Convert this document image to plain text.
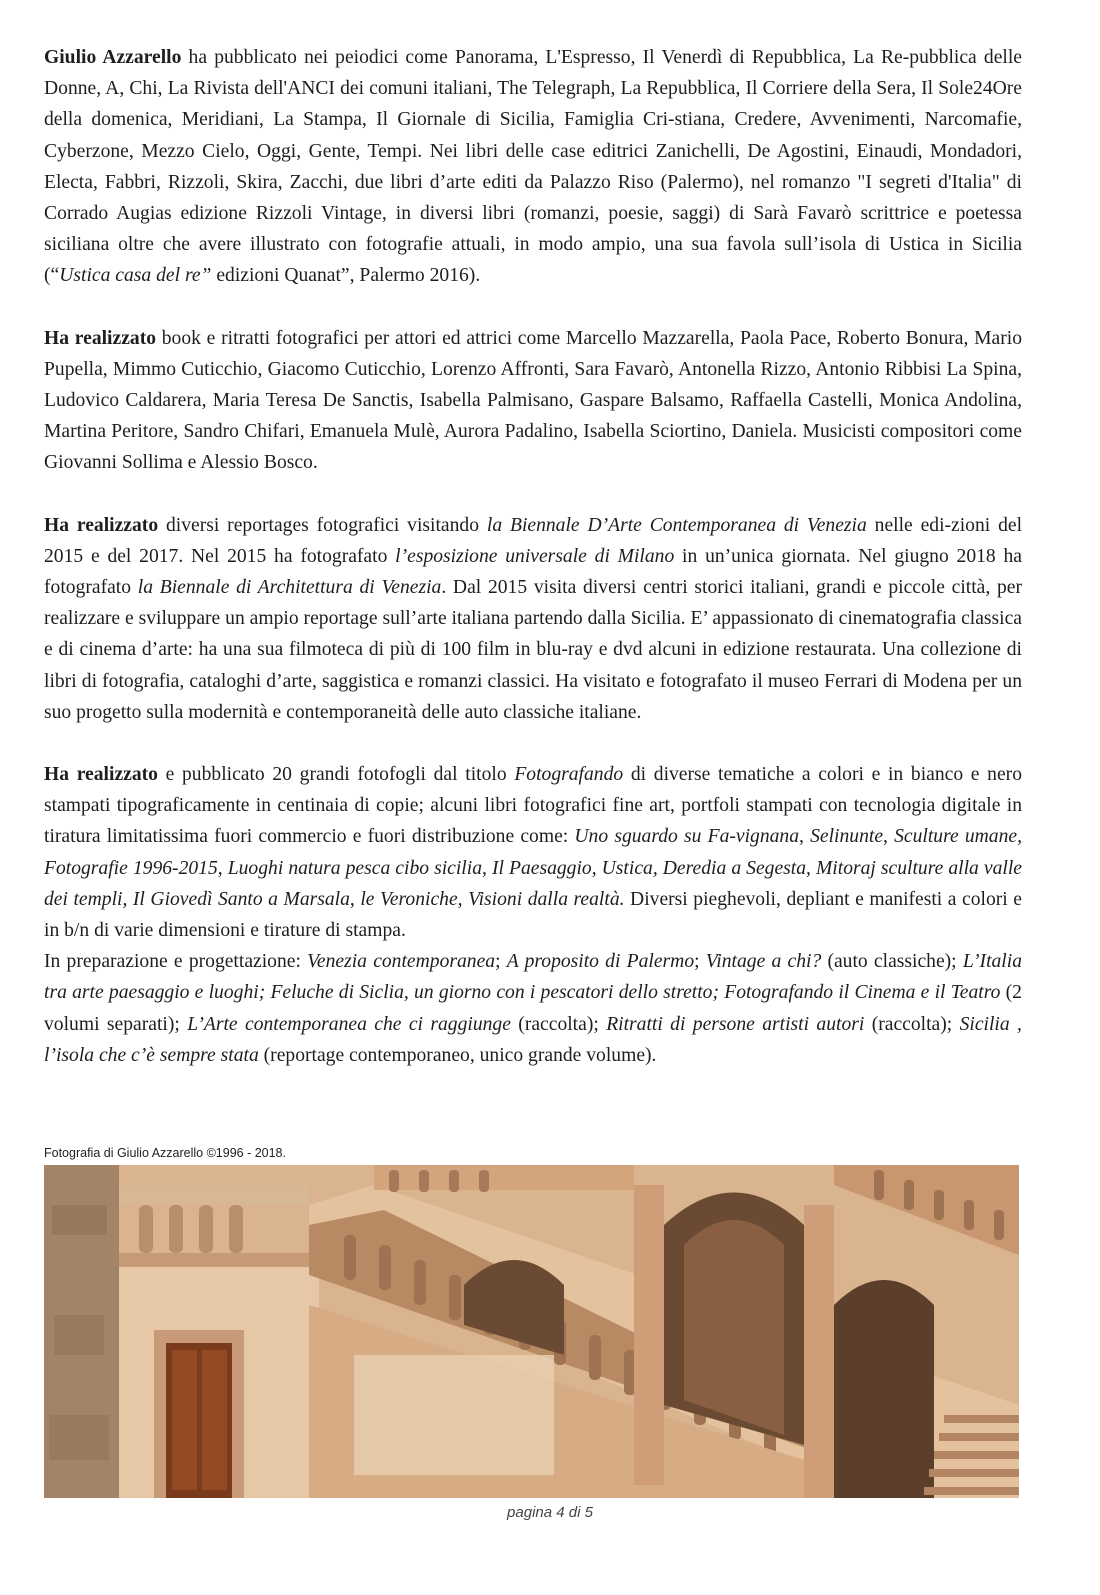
Giulio Azzarello ha pubblicato nei peiodici come Panorama, L'Espresso, Il Venerdì di Repubblica, La Re-pubblica delle Donne, A, Chi, La Rivista dell'ANCI dei comuni italiani, The Telegraph, La Repubblica, Il Corriere della Sera, Il Sole24Ore della domenica, Meridiani, La Stampa, Il Giornale di Sicilia, Famiglia Cri-stiana, Credere, Avvenimenti, Narcomafie, Cyberzone, Mezzo Cielo, Oggi, Gente, Tempi. Nei libri delle case editrici Zanichelli, De Agostini, Einaudi, Mondadori, Electa, Fabbri, Rizzoli, Skira, Zacchi, due libri d’arte editi da Palazzo Riso (Palermo), nel romanzo "I segreti d'Italia" di Corrado Augias edizione Rizzoli Vintage, in diversi libri (romanzi, poesie, saggi) di Sarà Favarò scrittrice e poetessa siciliana oltre che avere illustrato con fotografie attuali, in modo ampio, una sua favola sull’isola di Ustica in Sicilia (“Ustica casa del re” edizioni Quanat”, Palermo 2016).

Ha realizzato book e ritratti fotografici per attori ed attrici come Marcello Mazzarella, Paola Pace, Roberto Bonura, Mario Pupella, Mimmo Cuticchio, Giacomo Cuticchio, Lorenzo Affronti, Sara Favarò, Antonella Rizzo, Antonio Ribbisi La Spina, Ludovico Caldarera, Maria Teresa De Sanctis, Isabella Palmisano, Gaspare Balsamo, Raffaella Castelli, Monica Andolina, Martina Peritore, Sandro Chifari, Emanuela Mulè, Aurora Padalino, Isabella Sciortino, Daniela. Musicisti compositori come Giovanni Sollima e Alessio Bosco.

Ha realizzato diversi reportages fotografici visitando la Biennale D’Arte Contemporanea di Venezia nelle edi-zioni del 2015 e del 2017. Nel 2015 ha fotografato l’esposizione universale di Milano in un’unica giornata. Nel giugno 2018 ha fotografato la Biennale di Architettura di Venezia. Dal 2015 visita diversi centri storici italiani, grandi e piccole città, per realizzare e sviluppare un ampio reportage sull’arte italiana partendo dalla Sicilia. E’ appassionato di cinematografia classica e di cinema d’arte: ha una sua filmoteca di più di 100 film in blu-ray e dvd alcuni in edizione restaurata. Una collezione di libri di fotografia, cataloghi d’arte, saggistica e romanzi classici. Ha visitato e fotografato il museo Ferrari di Modena per un suo progetto sulla modernità e contemporaneità delle auto classiche italiane.

Ha realizzato e pubblicato 20 grandi fotofogli dal titolo Fotografando di diverse tematiche a colori e in bianco e nero stampati tipograficamente in centinaia di copie; alcuni libri fotografici fine art, portfoli stampati con tecnologia digitale in tiratura limitatissima fuori commercio e fuori distribuzione come: Uno sguardo su Fa-vignana, Selinunte, Sculture umane, Fotografie 1996-2015, Luoghi natura pesca cibo sicilia, Il Paesaggio, Ustica, Deredia a Segesta, Mitoraj sculture alla valle dei templi, Il Giovedì Santo a Marsala, le Veroniche, Visioni dalla realtà. Diversi pieghevoli, depliant e manifesti a colori e in b/n di varie dimensioni e tirature di stampa.

In preparazione e progettazione: Venezia contemporanea; A proposito di Palermo; Vintage a chi? (auto classiche); L’Italia tra arte paesaggio e luoghi; Feluche di Siclia, un giorno con i pescatori dello stretto; Fotografando il Cinema e il Teatro (2 volumi separati); L’Arte contemporanea che ci raggiunge (raccolta); Ritratti di persone artisti autori (raccolta); Sicilia , l’isola che c’è sempre stata (reportage contemporaneo, unico grande volume).

Fotografia di Giulio Azzarello ©1996 - 2018.
pagina 4 di 5
